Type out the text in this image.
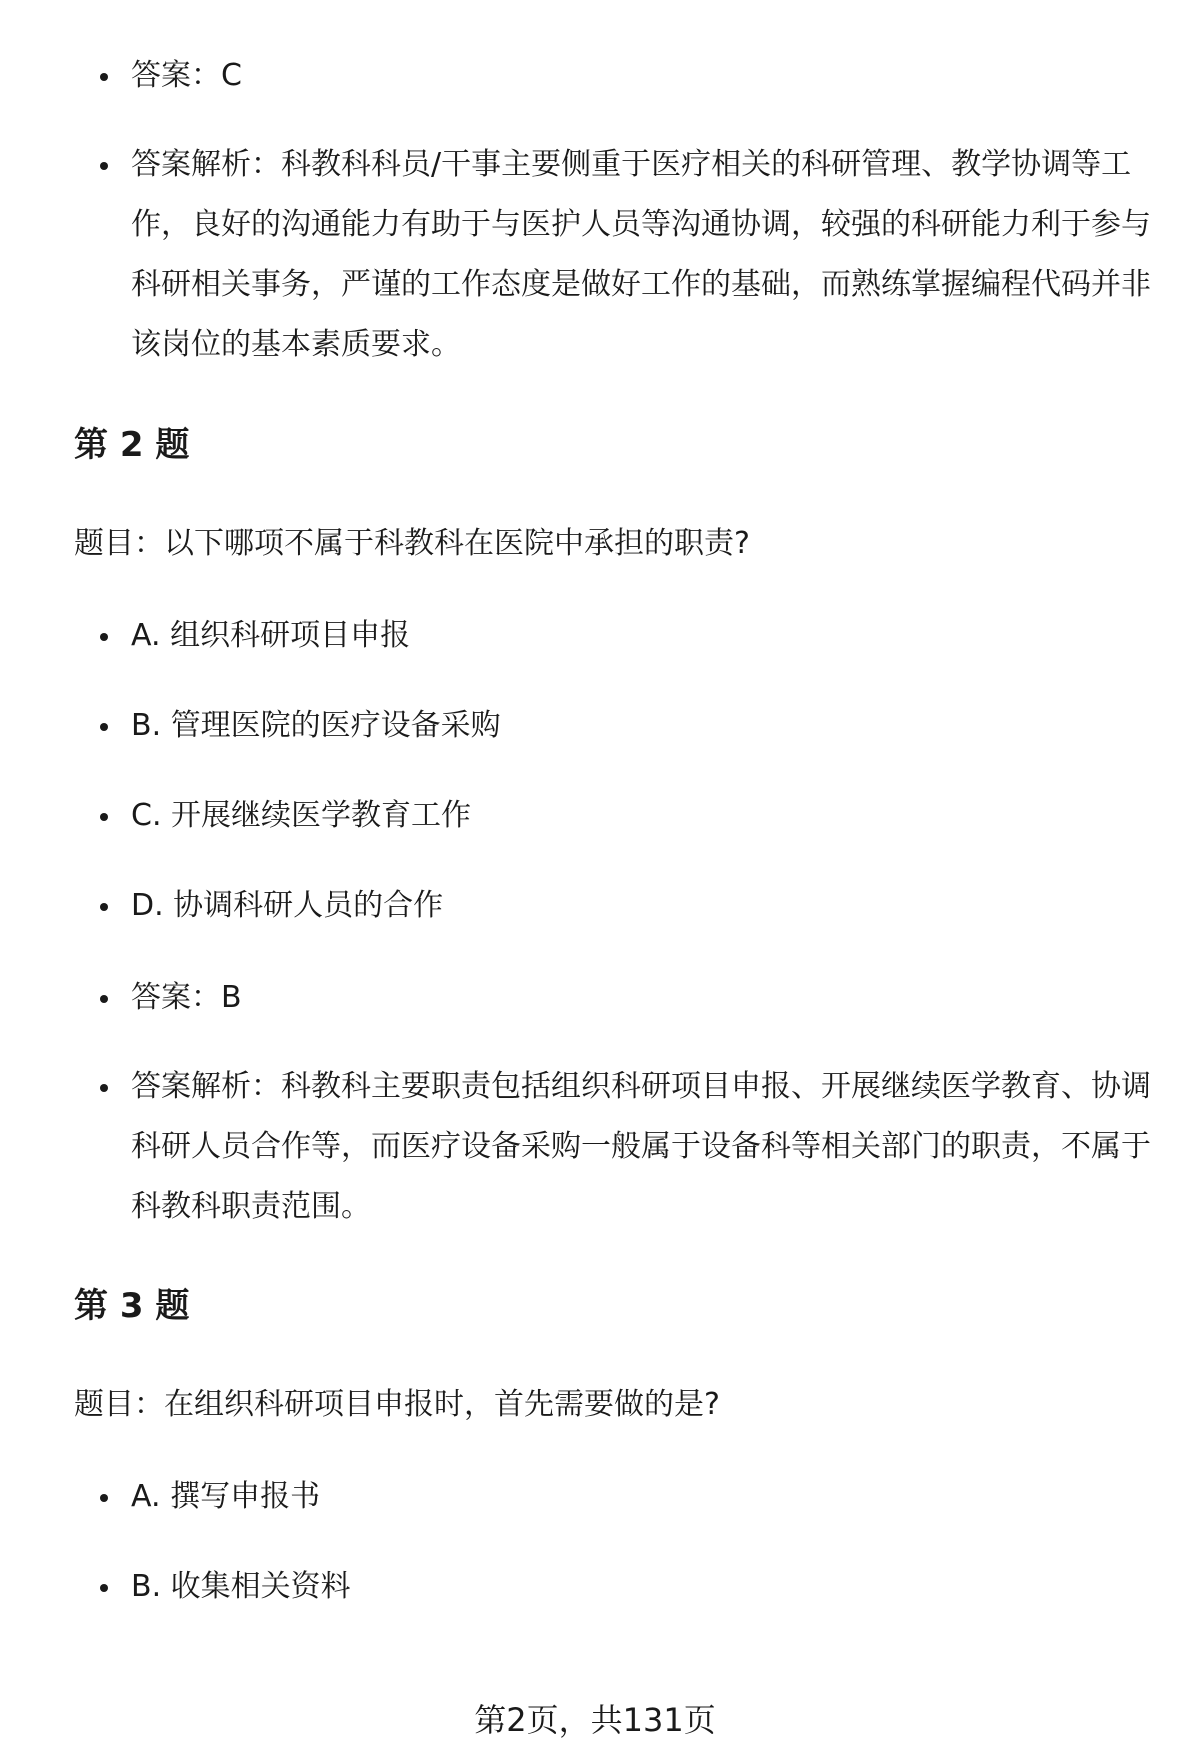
答案：C
答案解析：科教科科员/干事主要侧重于医疗相关的科研管理、教学协调等工作，良好的沟通能力有助于与医护人员等沟通协调，较强的科研能力利于参与科研相关事务，严谨的工作态度是做好工作的基础，而熟练掌握编程代码并非该岗位的基本素质要求。
第 2 题
题目：以下哪项不属于科教科在医院中承担的职责?
A. 组织科研项目申报
B. 管理医院的医疗设备采购
C. 开展继续医学教育工作
D. 协调科研人员的合作
答案：B
答案解析：科教科主要职责包括组织科研项目申报、开展继续医学教育、协调科研人员合作等，而医疗设备采购一般属于设备科等相关部门的职责，不属于科教科职责范围。
第 3 题
题目：在组织科研项目申报时，首先需要做的是?
A. 撰写申报书
B. 收集相关资料
第2页，共131页
